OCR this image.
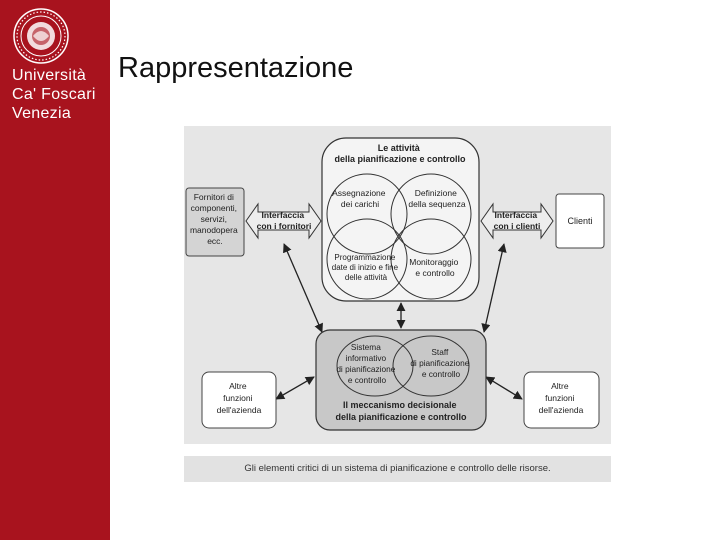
Università
Ca' Foscari
Venezia
Rappresentazione
Le attività della pianificazione e controllo
Assegnazione dei carichi
Definizione della sequenza
Programmazione date di inizio e fine delle attività
Monitoraggio e controllo
Fornitori di componenti, servizi, manodopera ecc.
Interfaccia con i fornitori
Interfaccia con i clienti	Clienti
Sistema informativo di pianificazione e controllo
Staff di pianificazione e controllo
Il meccanismo decisionale della pianificazione e controllo
Altre funzioni dell'azienda
Altre funzioni dell'azienda
Gli elementi critici di un sistema di pianificazione e controllo delle risorse.
